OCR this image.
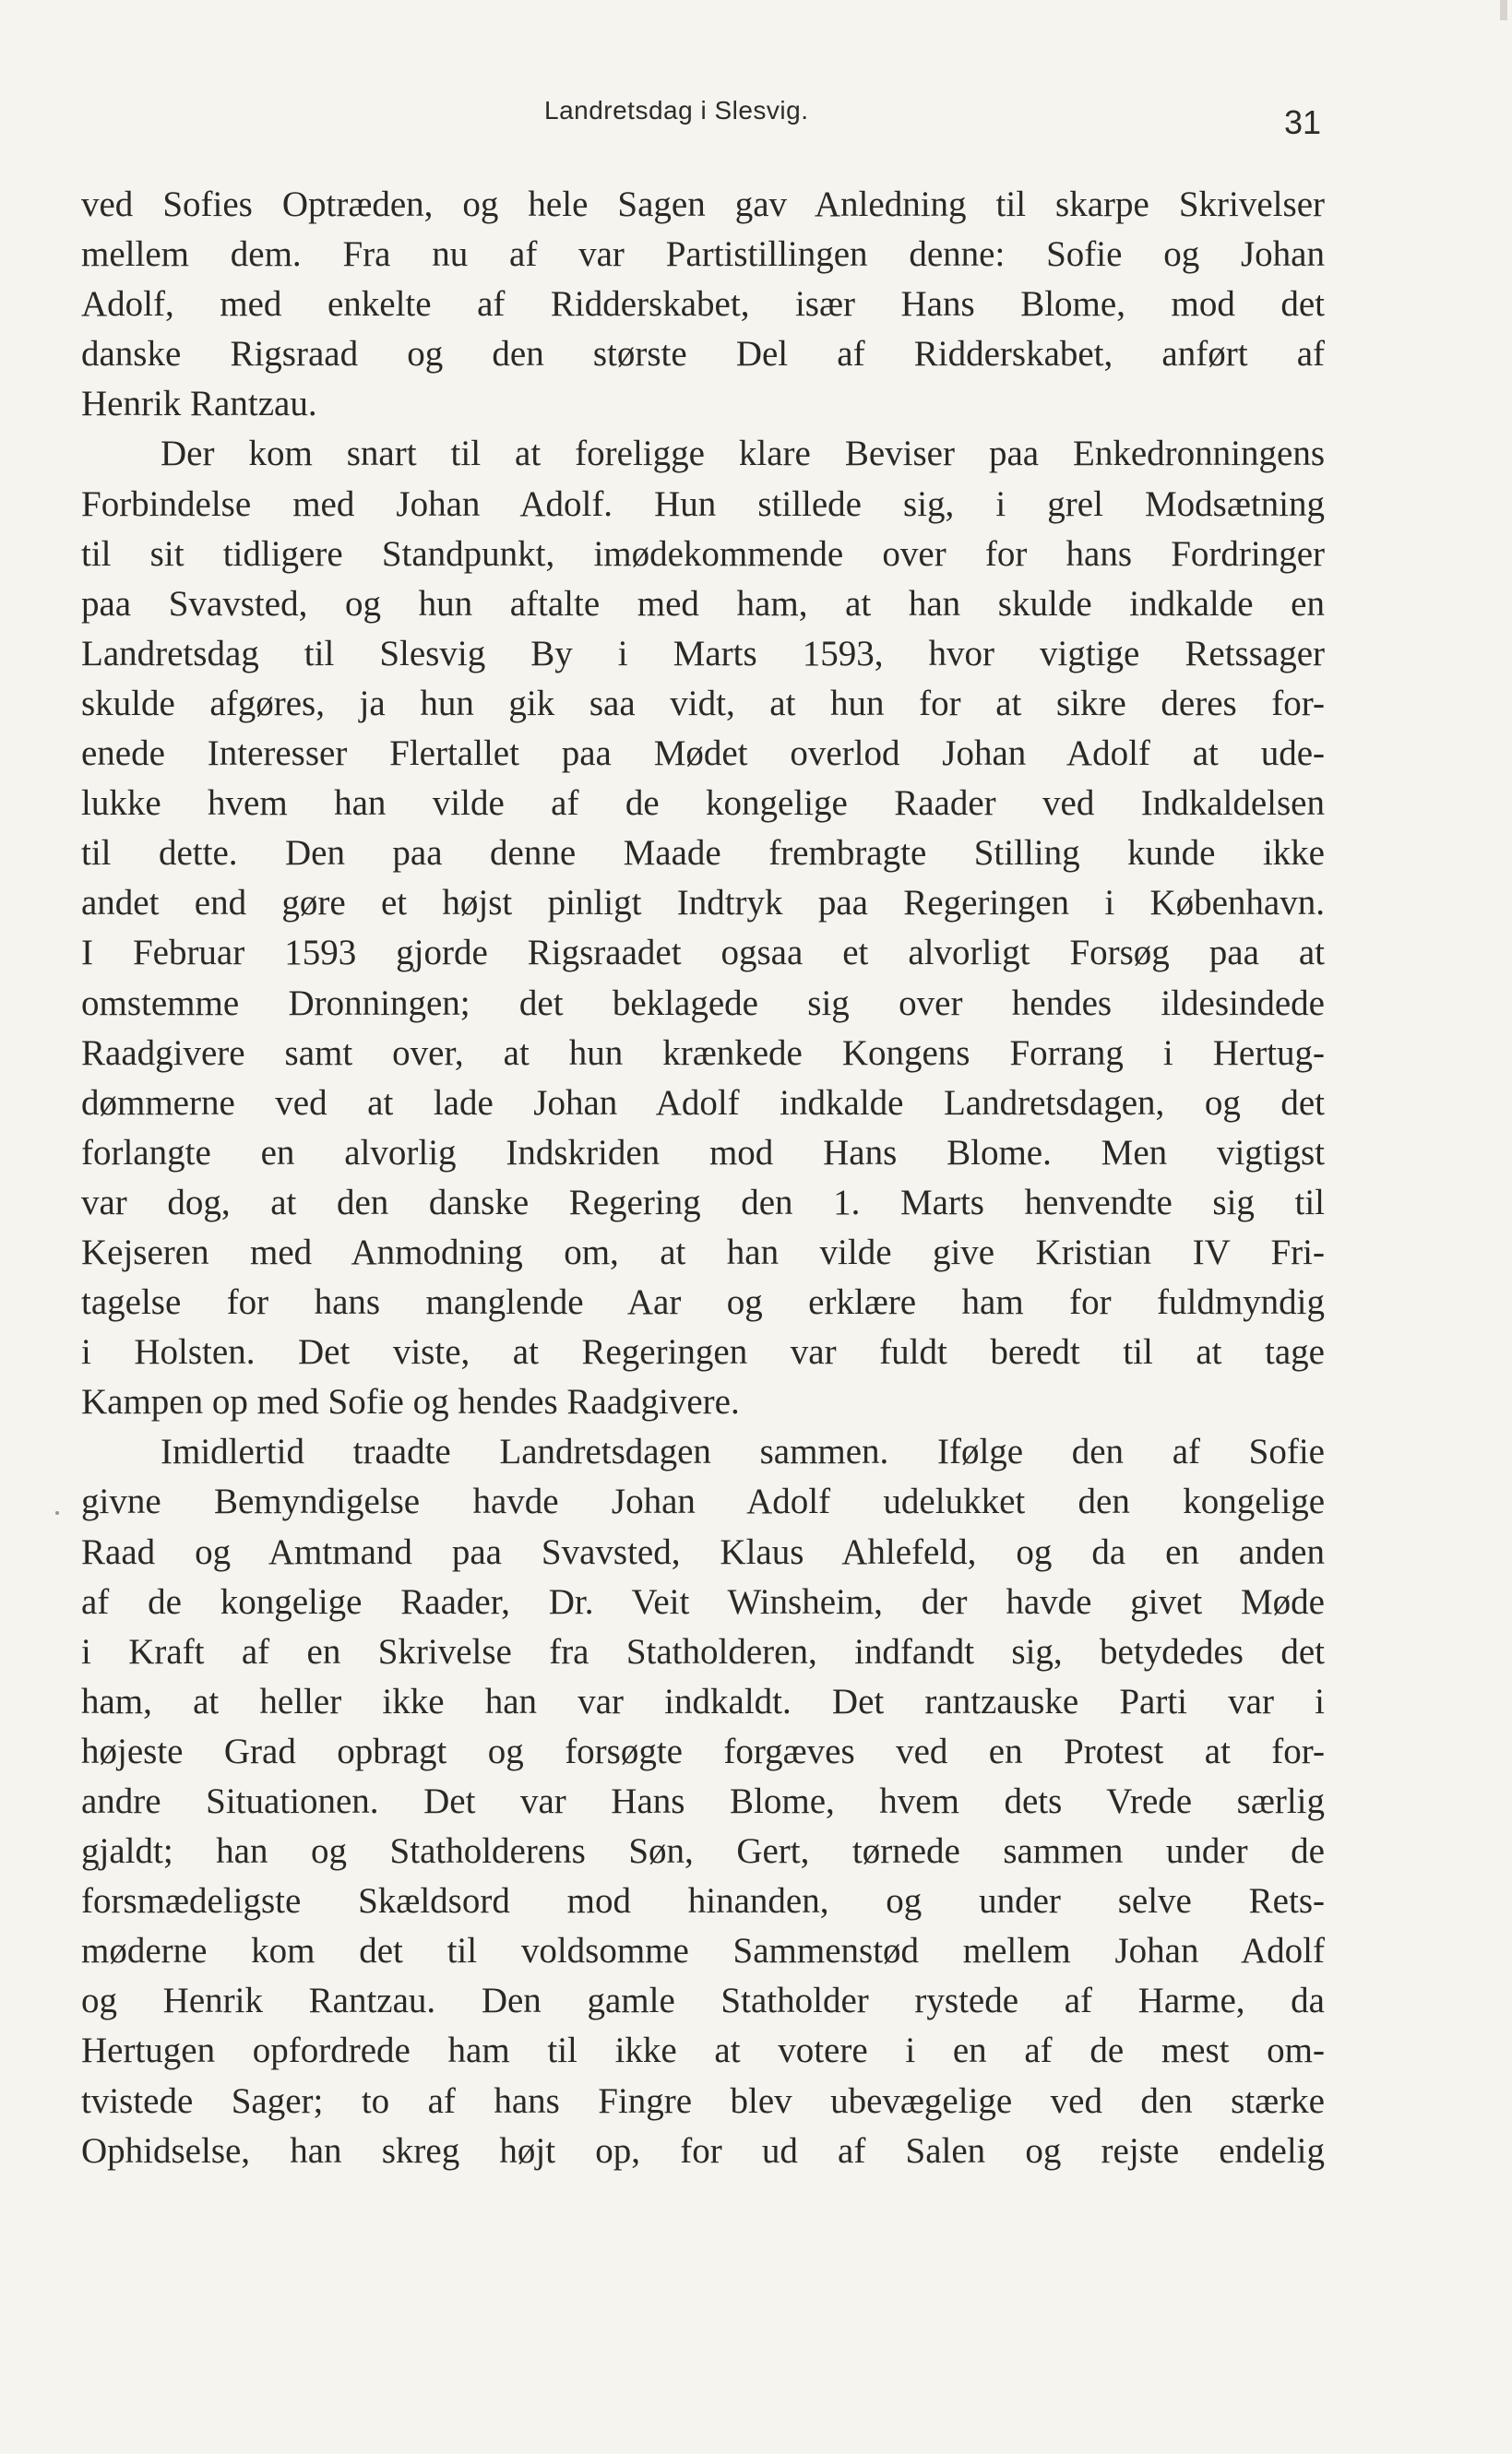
Landretsdag i Slesvig.	31
ved Sofies Optræden, og hele Sagen gav Anledning til skarpe Skrivelser
mellem dem. Fra nu af var Partistillingen denne: Sofie og Johan
Adolf, med enkelte af Ridderskabet, især Hans Blome, mod det
danske Rigsraad og den største Del af Ridderskabet, anført af
Henrik Rantzau.
Der kom snart til at foreligge klare Beviser paa Enkedronningens
Forbindelse med Johan Adolf. Hun stillede sig, i grel Modsætning
til sit tidligere Standpunkt, imødekommende over for hans Fordringer
paa Svavsted, og hun aftalte med ham, at han skulde indkalde en
Landretsdag til Slesvig By i Marts 1593, hvor vigtige Retssager
skulde afgøres, ja hun gik saa vidt, at hun for at sikre deres for-
enede Interesser Flertallet paa Mødet overlod Johan Adolf at ude-
lukke hvem han vilde af de kongelige Raader ved Indkaldelsen
til dette. Den paa denne Maade frembragte Stilling kunde ikke
andet end gøre et højst pinligt Indtryk paa Regeringen i København.
I Februar 1593 gjorde Rigsraadet ogsaa et alvorligt Forsøg paa at
omstemme Dronningen; det beklagede sig over hendes ildesindede
Raadgivere samt over, at hun krænkede Kongens Forrang i Hertug-
dømmerne ved at lade Johan Adolf indkalde Landretsdagen, og det
forlangte en alvorlig Indskriden mod Hans Blome. Men vigtigst
var dog, at den danske Regering den 1. Marts henvendte sig til
Kejseren med Anmodning om, at han vilde give Kristian IV Fri-
tagelse for hans manglende Aar og erklære ham for fuldmyndig
i Holsten. Det viste, at Regeringen var fuldt beredt til at tage
Kampen op med Sofie og hendes Raadgivere.
Imidlertid traadte Landretsdagen sammen. Ifølge den af Sofie
givne Bemyndigelse havde Johan Adolf udelukket den kongelige
Raad og Amtmand paa Svavsted, Klaus Ahlefeld, og da en anden
af de kongelige Raader, Dr. Veit Winsheim, der havde givet Møde
i Kraft af en Skrivelse fra Statholderen, indfandt sig, betydedes det
ham, at heller ikke han var indkaldt. Det rantzauske Parti var i
højeste Grad opbragt og forsøgte forgæves ved en Protest at for-
andre Situationen. Det var Hans Blome, hvem dets Vrede særlig
gjaldt; han og Statholderens Søn, Gert, tørnede sammen under de
forsmædeligste Skældsord mod hinanden, og under selve Rets-
møderne kom det til voldsomme Sammenstød mellem Johan Adolf
og Henrik Rantzau. Den gamle Statholder rystede af Harme, da
Hertugen opfordrede ham til ikke at votere i en af de mest om-
tvistede Sager; to af hans Fingre blev ubevægelige ved den stærke
Ophidselse, han skreg højt op, for ud af Salen og rejste endelig
